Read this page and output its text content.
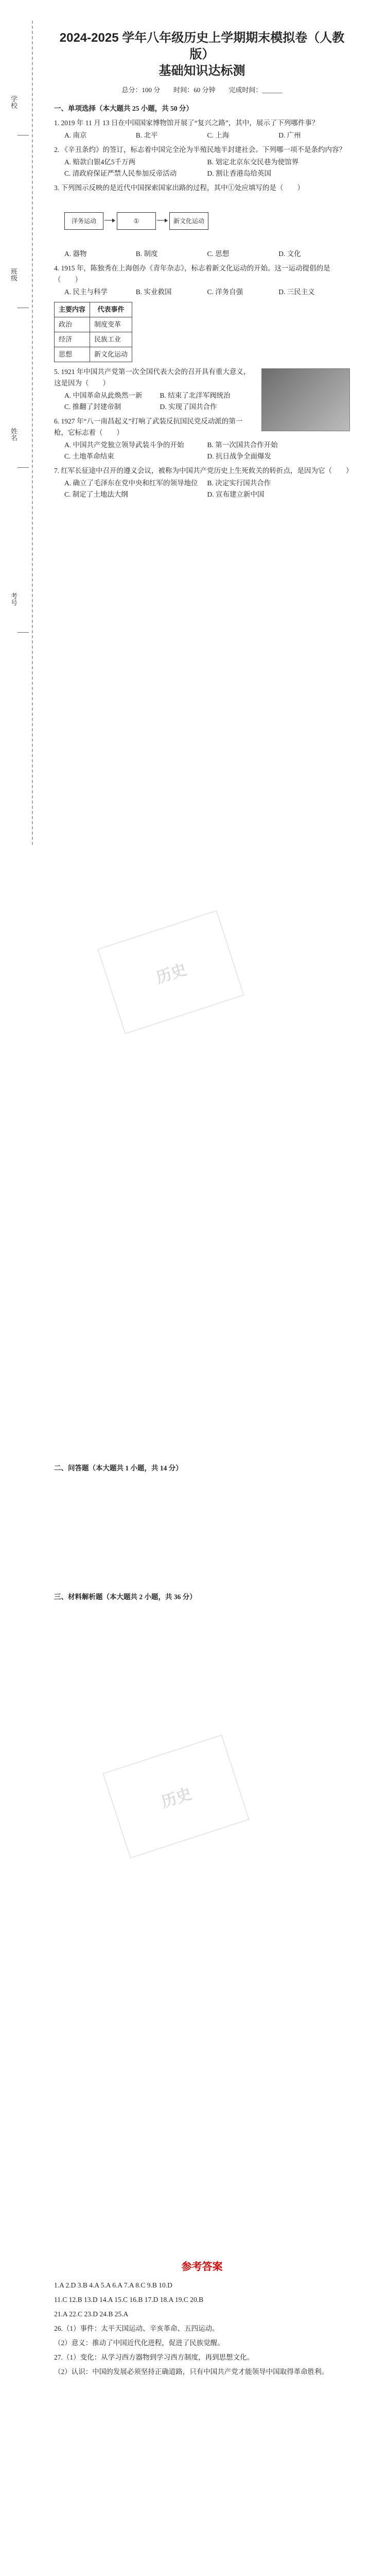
学校
班级
姓名
考号
历史
历史
2024-2025 学年八年级历史上学期期末模拟卷（人教版）
基础知识达标测
总分：100 分　　时间：60 分钟　　完成时间：______
一、单项选择（本大题共 25 小题，共 50 分）
1. 2019 年 11 月 13 日在中国国家博物馆开展了“复兴之路”，其中，展示了下列哪件事？
A. 南京	B. 北平	C. 上海	D. 广州
2. 《辛丑条约》的签订，标志着中国完全沦为半殖民地半封建社会。下列哪一项不是条约内容？
A. 赔款白银4亿5千万两	B. 划定北京东交民巷为使馆界
C. 清政府保证严禁人民参加反帝活动	D. 割让香港岛给英国
3. 下列图示反映的是近代中国探索国家出路的过程，其中①处应填写的是（　　）
洋务运动	①	新文化运动
A. 器物	B. 制度	C. 思想	D. 文化
4. 1915 年，陈独秀在上海创办《青年杂志》，标志着新文化运动的开始。这一运动提倡的是（　　）
A. 民主与科学	B. 实业救国	C. 洋务自强	D. 三民主义
主要内容	代表事件
政治	制度变革
经济	民族工业
思想	新文化运动
5. 1921 年中国共产党第一次全国代表大会的召开具有重大意义，这是因为（　　）
A. 中国革命从此焕然一新	B. 结束了北洋军阀统治
C. 推翻了封建帝制	D. 实现了国共合作
6. 1927 年“八一南昌起义”打响了武装反抗国民党反动派的第一枪，它标志着（　　）
A. 中国共产党独立领导武装斗争的开始	B. 第一次国共合作开始
C. 土地革命结束	D. 抗日战争全面爆发
7. 红军长征途中召开的遵义会议，被称为中国共产党历史上生死攸关的转折点，是因为它（　　）
A. 确立了毛泽东在党中央和红军的领导地位	B. 决定实行国共合作
C. 制定了土地法大纲	D. 宣布建立新中国
二、问答题（本大题共 1 小题，共 14 分）
三、材料解析题（本大题共 2 小题，共 36 分）
参考答案
1.A 2.D 3.B 4.A 5.A 6.A 7.A 8.C 9.B 10.D
11.C 12.B 13.D 14.A 15.C 16.B 17.D 18.A 19.C 20.B
21.A 22.C 23.D 24.B 25.A
26.（1）事件：太平天国运动、辛亥革命、五四运动。
（2）意义：推动了中国近代化进程，促进了民族觉醒。
27.（1）变化：从学习西方器物到学习西方制度，再到思想文化。
（2）认识：中国的发展必须坚持正确道路，只有中国共产党才能领导中国取得革命胜利。
